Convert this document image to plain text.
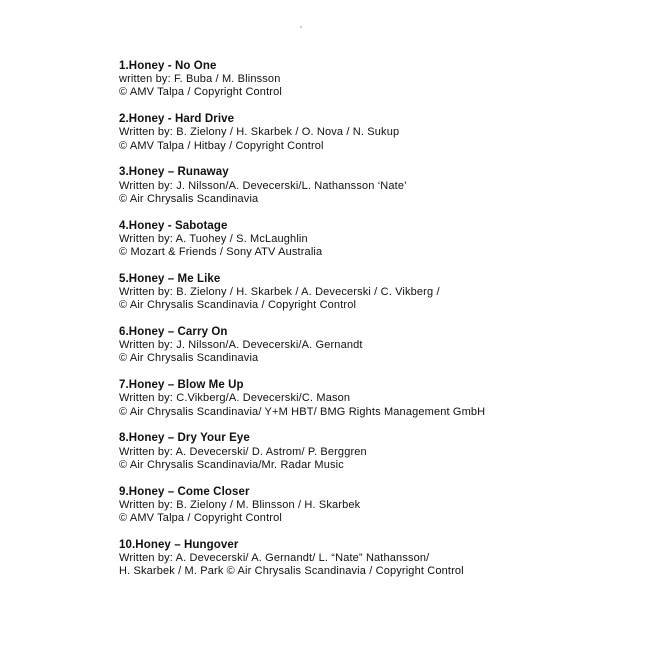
1.Honey - No One
written by: F. Buba / M. Blinsson
© AMV Talpa / Copyright Control
2.Honey - Hard Drive
Written by: B. Zielony / H. Skarbek / O. Nova / N. Sukup
© AMV Talpa / Hitbay / Copyright Control
3.Honey – Runaway
Written by: J. Nilsson/A. Devecerski/L. Nathansson ‘Nate’
© Air Chrysalis Scandinavia
4.Honey - Sabotage
Written by: A. Tuohey / S. McLaughlin
© Mozart & Friends / Sony ATV Australia
5.Honey – Me Like
Written by: B. Zielony / H. Skarbek / A. Devecerski / C. Vikberg /
© Air Chrysalis Scandinavia / Copyright Control
6.Honey – Carry On
Written by: J. Nilsson/A. Devecerski/A. Gernandt
© Air Chrysalis Scandinavia
7.Honey – Blow Me Up
Written by: C.Vikberg/A. Devecerski/C. Mason
© Air Chrysalis Scandinavia/ Y+M HBT/ BMG Rights Management GmbH
8.Honey – Dry Your Eye
Written by: A. Devecerski/ D. Astrom/ P. Berggren
© Air Chrysalis Scandinavia/Mr. Radar Music
9.Honey – Come Closer
Written by: B. Zielony / M. Blinsson / H. Skarbek
© AMV Talpa / Copyright Control
10.Honey – Hungover
Written by: A. Devecerski/ A. Gernandt/ L. “Nate” Nathansson/
H. Skarbek / M. Park © Air Chrysalis Scandinavia / Copyright Control
